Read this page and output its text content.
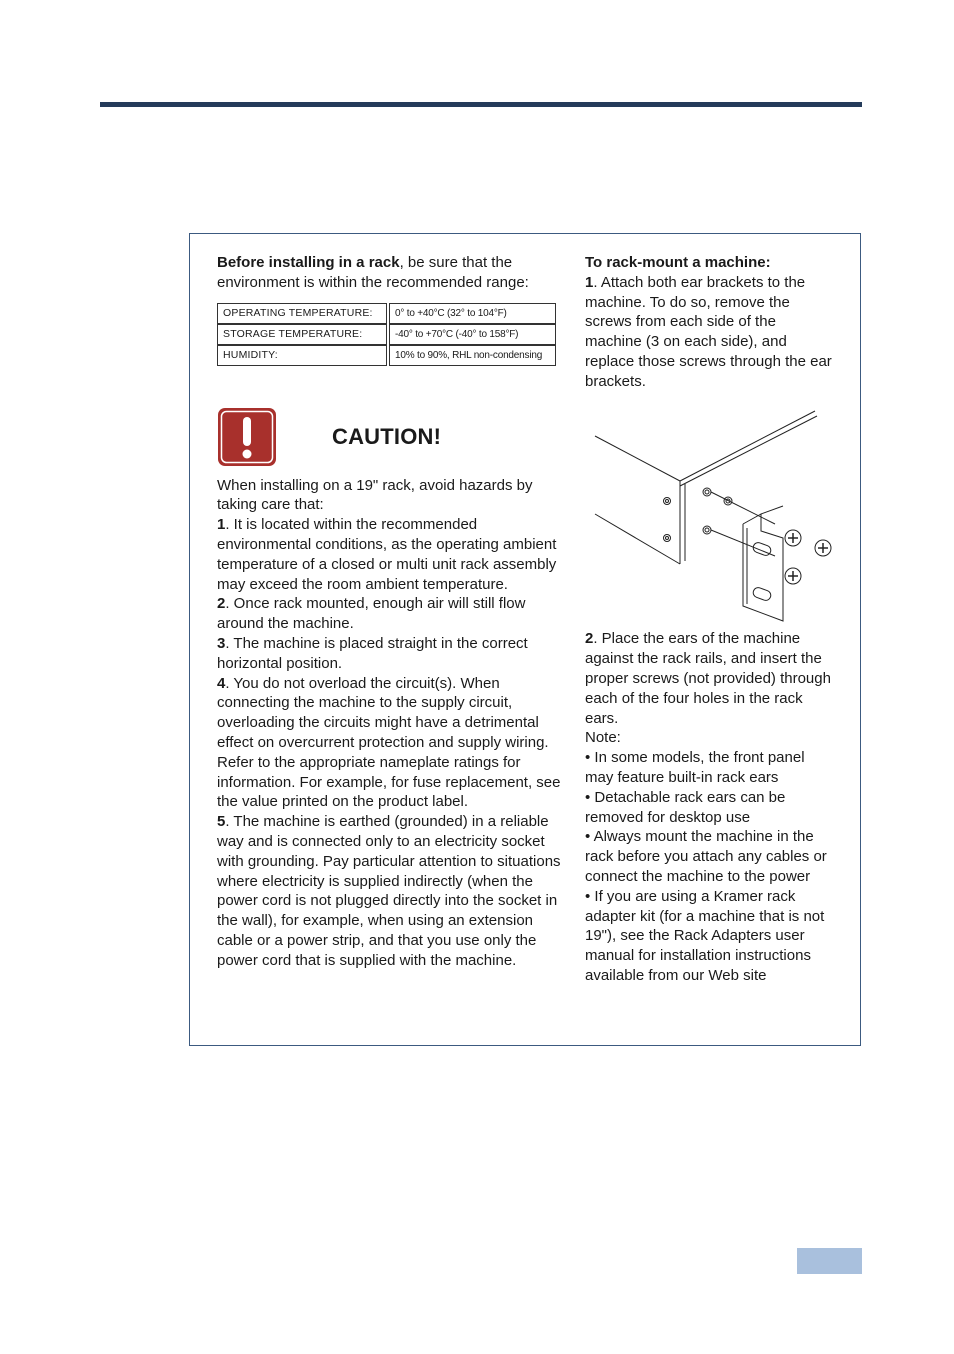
Before installing in a rack, be sure that the environment is within the recommended range:

OPERATING TEMPERATURE:		0° to +40°C (32° to 104°F)
STORAGE TEMPERATURE:		-40° to +70°C (-40° to 158°F)
HUMIDITY:		10% to 90%, RHL non-condensing
CAUTION!

When installing on a 19" rack, avoid hazards by taking care that:

1. It is located within the recommended environmental conditions, as the operating ambient temperature of a closed or multi unit rack assembly may exceed the room ambient temperature.

2. Once rack mounted, enough air will still flow around the machine.

3. The machine is placed straight in the correct horizontal position.

4. You do not overload the circuit(s). When connecting the machine to the supply circuit, overloading the circuits might have a detrimental effect on overcurrent protection and supply wiring. Refer to the appropriate nameplate ratings for information. For example, for fuse replacement, see the value printed on the product label.

5. The machine is earthed (grounded) in a reliable way and is connected only to an electricity socket with grounding. Pay particular attention to situations where electricity is supplied indirectly (when the power cord is not plugged directly into the socket in the wall), for example, when using an extension cable or a power strip, and that you use only the power cord that is supplied with the machine.

To rack-mount a machine:

1. Attach both ear brackets to the machine. To do so, remove the screws from each side of the machine (3 on each side), and replace those screws through the ear brackets.

2. Place the ears of the machine against the rack rails, and insert the proper screws (not provided) through each of the four holes in the rack ears.

Note:

• In some models, the front panel may feature built-in rack ears

• Detachable rack ears can be removed for desktop use

• Always mount the machine in the rack before you attach any cables or connect the machine to the power

• If you are using a Kramer rack adapter kit (for a machine that is not 19"), see the Rack Adapters user manual for installation instructions available from our Web site
